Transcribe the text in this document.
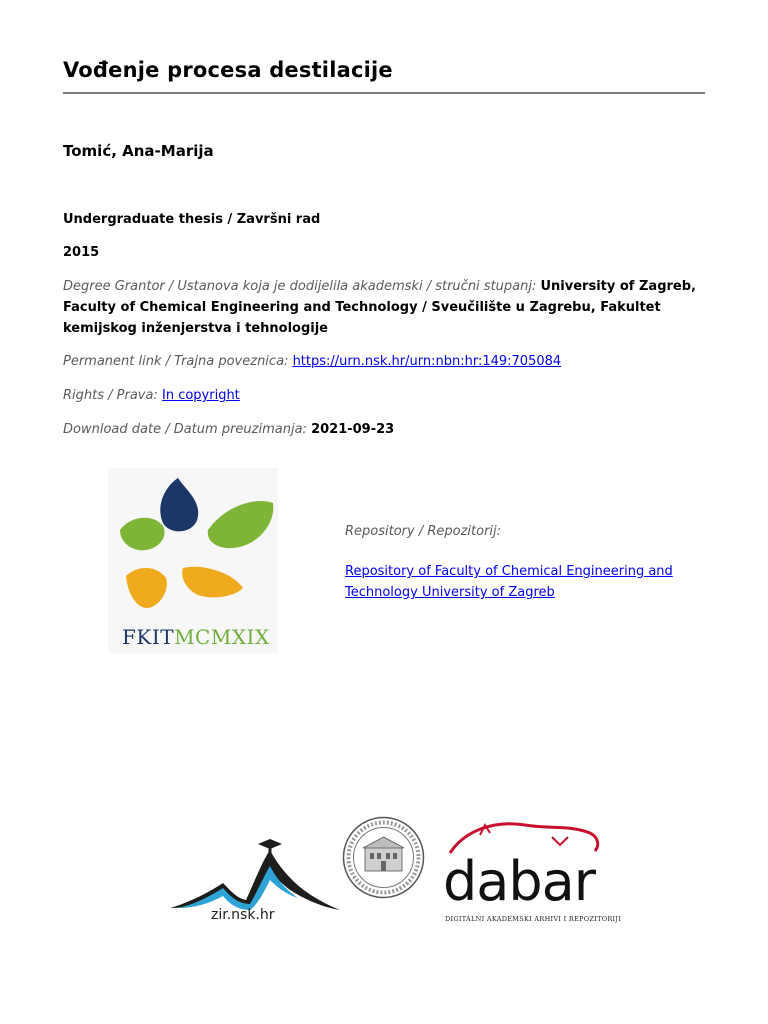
Vođenje procesa destilacije
Tomić, Ana-Marija
Undergraduate thesis / Završni rad
2015
Degree Grantor / Ustanova koja je dodijelila akademski / stručni stupanj: University of Zagreb, Faculty of Chemical Engineering and Technology / Sveučilište u Zagrebu, Fakultet kemijskog inženjerstva i tehnologije
Permanent link / Trajna poveznica: https://urn.nsk.hr/urn:nbn:hr:149:705084
Rights / Prava: In copyright
Download date / Datum preuzimanja: 2021-09-23
FKITMCMXIX
Repository / Repozitorij:
Repository of Faculty of Chemical Engineering and Technology University of Zagreb
zir.nsk.hr
dabar
DIGITALNI AKADEMSKI ARHIVI I REPOZITORIJI
